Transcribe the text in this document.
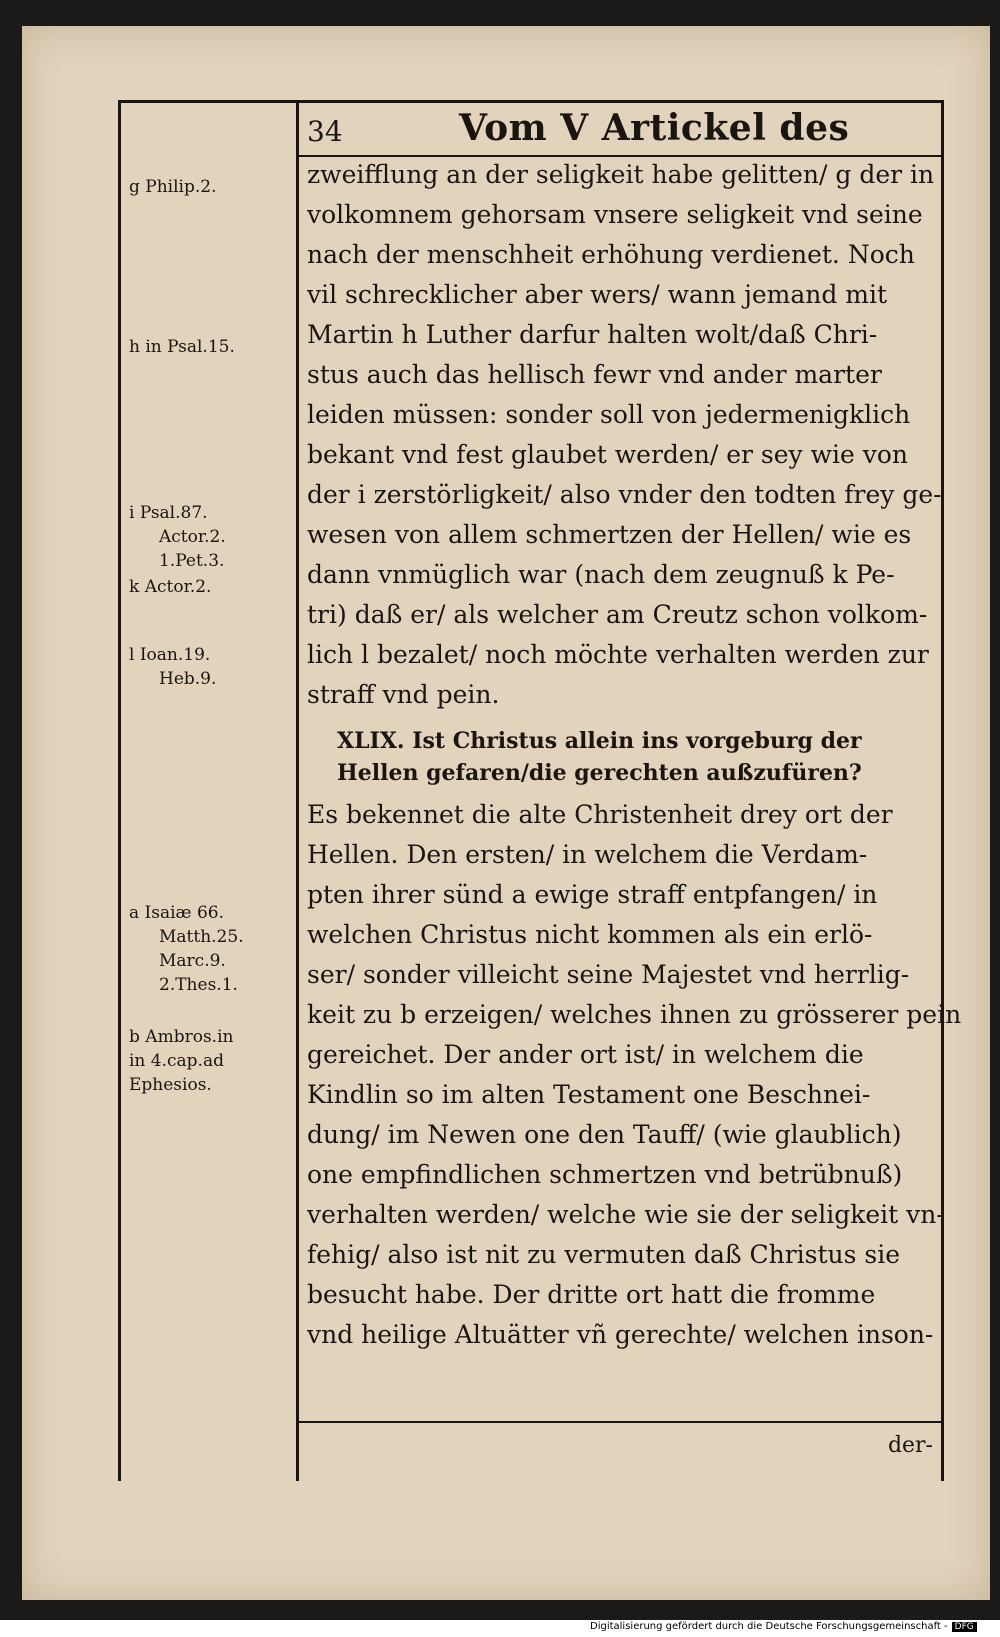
34	Vom V Artickel des
g Philip.2.
h in Psal.15.
i Psal.87.
Actor.2.
1.Pet.3.
k Actor.2.
l Ioan.19.
Heb.9.
a Isaiæ 66.
Matth.25.
Marc.9.
2.Thes.1.
b Ambros.in
in 4.cap.ad
Ephesios.
zweifflung an der seligkeit habe gelitten/ g der in
volkomnem gehorsam vnsere seligkeit vnd seine
nach der menschheit erhöhung verdienet. Noch
vil schrecklicher aber wers/ wann jemand mit
Martin h Luther darfur halten wolt/daß Chri-
stus auch das hellisch fewr vnd ander marter
leiden müssen: sonder soll von jedermenigklich
bekant vnd fest glaubet werden/ er sey wie von
der i zerstörligkeit/ also vnder den todten frey ge-
wesen von allem schmertzen der Hellen/ wie es
dann vnmüglich war (nach dem zeugnuß k Pe-
tri) daß er/ als welcher am Creutz schon volkom-
lich l bezalet/ noch möchte verhalten werden zur
straff vnd pein.
XLIX. Ist Christus allein ins vorgeburg der
Hellen gefaren/die gerechten außzufüren?
Es bekennet die alte Christenheit drey ort der
Hellen. Den ersten/ in welchem die Verdam-
pten ihrer sünd a ewige straff entpfangen/ in
welchen Christus nicht kommen als ein erlö-
ser/ sonder villeicht seine Majestet vnd herrlig-
keit zu b erzeigen/ welches ihnen zu grösserer pein
gereichet. Der ander ort ist/ in welchem die
Kindlin so im alten Testament one Beschnei-
dung/ im Newen one den Tauff/ (wie glaublich)
one empfindlichen schmertzen vnd betrübnuß)
verhalten werden/ welche wie sie der seligkeit vn-
fehig/ also ist nit zu vermuten daß Christus sie
besucht habe. Der dritte ort hatt die fromme
vnd heilige Altuätter vñ gerechte/ welchen inson-
der-
Digitalisierung gefördert durch die Deutsche Forschungsgemeinschaft - DFG
